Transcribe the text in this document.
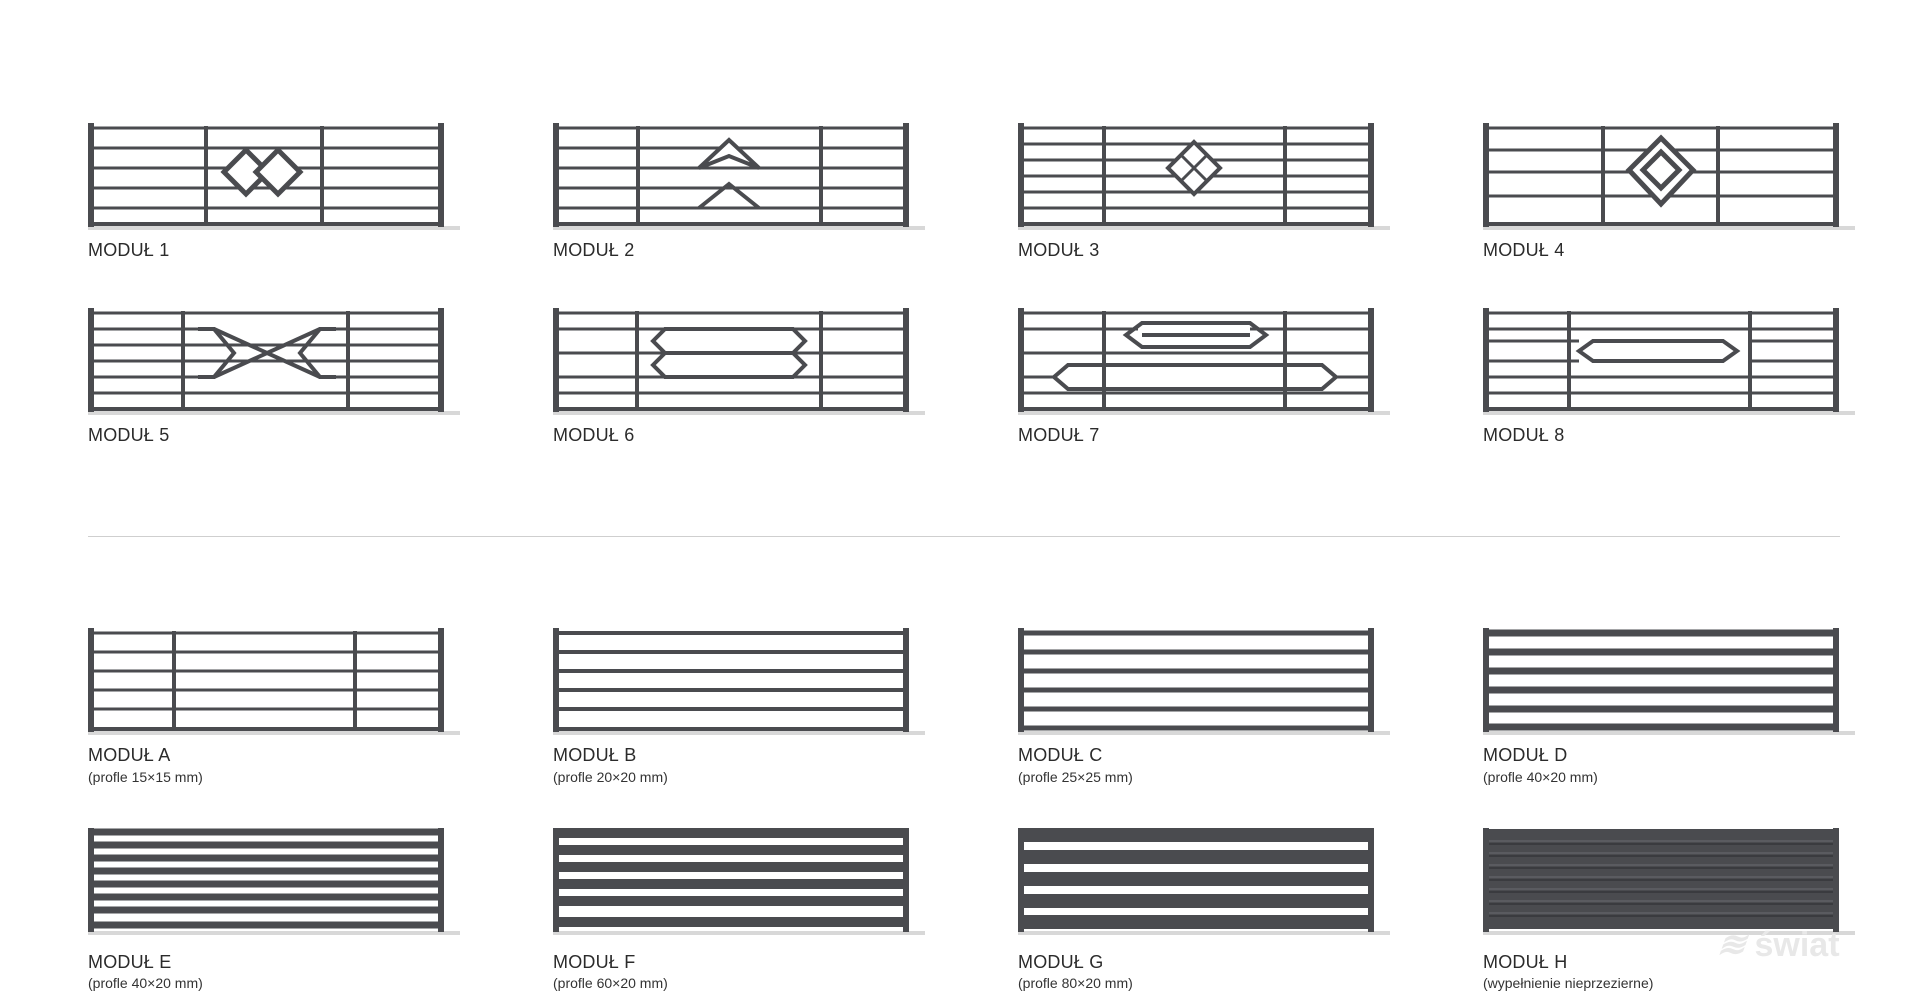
MODUŁ 1	MODUŁ 2	MODUŁ 3	MODUŁ 4
MODUŁ 5	MODUŁ 6	MODUŁ 7	MODUŁ 8
MODUŁ A
(profle 15×15 mm)
MODUŁ B
(profle 20×20 mm)
MODUŁ C
(profle 25×25 mm)
MODUŁ D
(profle 40×20 mm)
MODUŁ E
(profle 40×20 mm)
MODUŁ F
(profle 60×20 mm)
MODUŁ G
(profle 80×20 mm)
MODUŁ H
(wypełnienie nieprzezierne)
≋świat
